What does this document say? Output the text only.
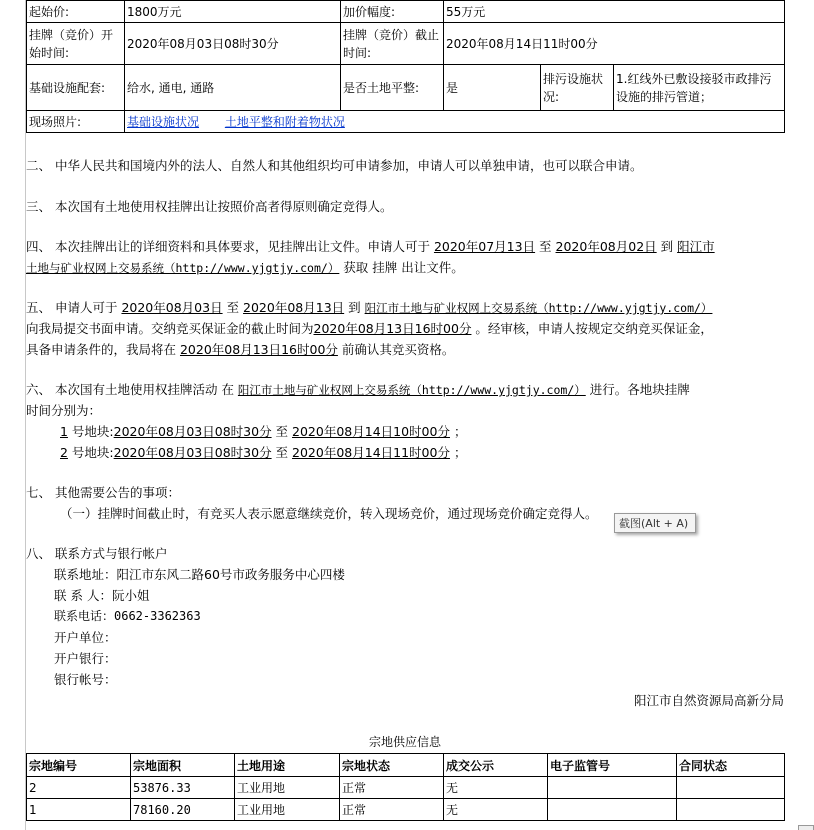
起始价:	1800万元	加价幅度:	55万元		
挂牌（竞价）开始时间:	2020年08月03日08时30分	挂牌（竞价）截止时间:	2020年08月14日11时00分		
基础设施配套:	给水, 通电, 通路	是否土地平整:	是	排污设施状况:	1.红线外已敷设接驳市政排污设施的排污管道；
现场照片:	基础设施状况 土地平整和附着物状况				

二、 中华人民共和国境内外的法人、自然人和其他组织均可申请参加，申请人可以单独申请，也可以联合申请。

三、 本次国有土地使用权挂牌出让按照价高者得原则确定竞得人。

四、 本次挂牌出让的详细资料和具体要求，见挂牌出让文件。申请人可于 2020年07月13日 至 2020年08月02日 到 阳江市

土地与矿业权网上交易系统（http://www.yjgtjy.com/） 获取 挂牌 出让文件。

五、 申请人可于 2020年08月03日 至 2020年08月13日 到 阳江市土地与矿业权网上交易系统（http://www.yjgtjy.com/）

向我局提交书面申请。交纳竞买保证金的截止时间为2020年08月13日16时00分 。经审核，申请人按规定交纳竞买保证金，

具备申请条件的，我局将在 2020年08月13日16时00分 前确认其竞买资格。

六、 本次国有土地使用权挂牌活动 在 阳江市土地与矿业权网上交易系统（http://www.yjgtjy.com/） 进行。各地块挂牌

时间分别为：

1 号地块:2020年08月03日08时30分 至 2020年08月14日10时00分 ；

2 号地块:2020年08月03日08时30分 至 2020年08月14日11时00分 ；

七、 其他需要公告的事项：

（一）挂牌时间截止时，有竞买人表示愿意继续竞价，转入现场竞价，通过现场竞价确定竞得人。

八、 联系方式与银行帐户

联系地址：阳江市东风二路60号市政务服务中心四楼

联 系 人：阮小姐

联系电话：0662-3362363

开户单位：

开户银行：

银行帐号：

阳江市自然资源局高新分局
截图(Alt + A)
宗地供应信息
宗地编号	宗地面积	土地用途	宗地状态	成交公示	电子监管号	合同状态
2	53876.33	工业用地	正常	无		
1	78160.20	工业用地	正常	无		
